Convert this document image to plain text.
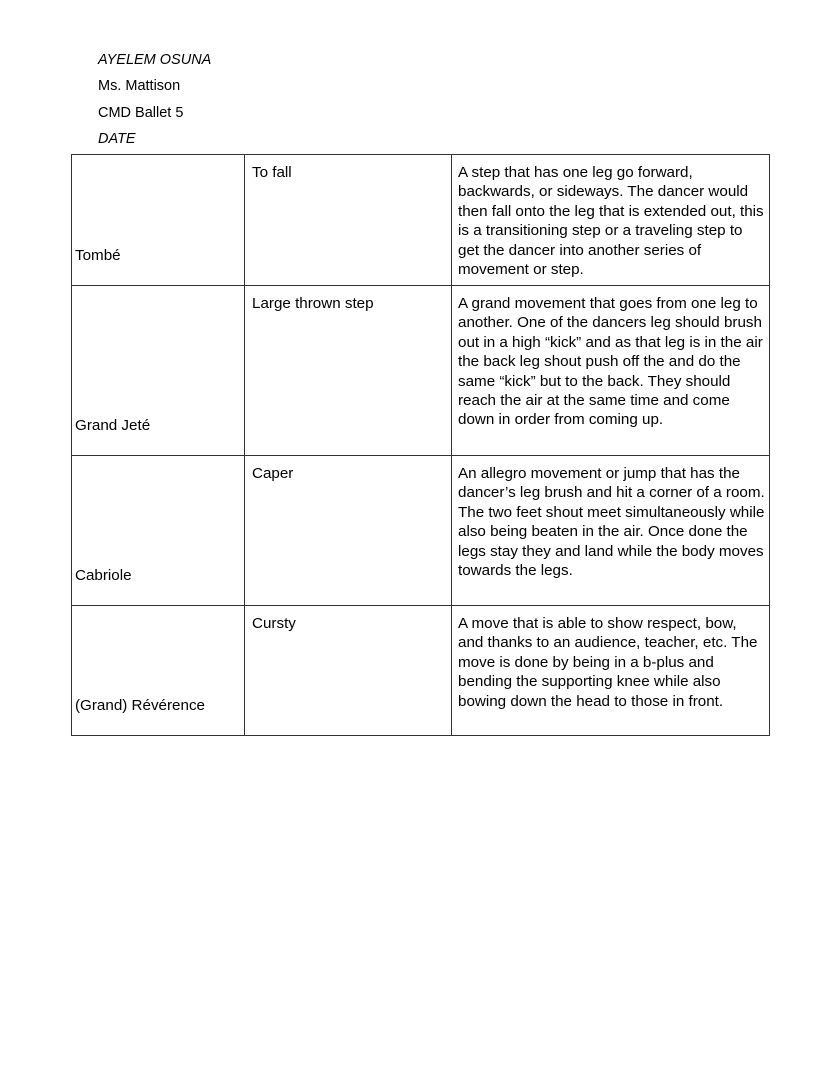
AYELEM OSUNA
Ms. Mattison
CMD Ballet 5
DATE
Tombé	To fall	A step that has one leg go forward, backwards, or sideways. The dancer would then fall onto the leg that is extended out, this is a transitioning step or a traveling step to get the dancer into another series of movement or step.
Grand Jeté	Large thrown step	A grand movement that goes from one leg to another. One of the dancers leg should brush out in a high “kick” and as that leg is in the air the back leg shout push off the and do the same “kick” but to the back. They should reach the air at the same time and come down in order from coming up.
Cabriole	Caper	An allegro movement or jump that has the dancer’s leg brush and hit a corner of a room. The two feet shout meet simultaneously while also being beaten in the air. Once done the legs stay they and land while the body moves towards the legs.
(Grand) Révérence	Cursty	A move that is able to show respect, bow, and thanks to an audience, teacher, etc. The move is done by being in a b-plus and bending the supporting knee while also bowing down the head to those in front.
